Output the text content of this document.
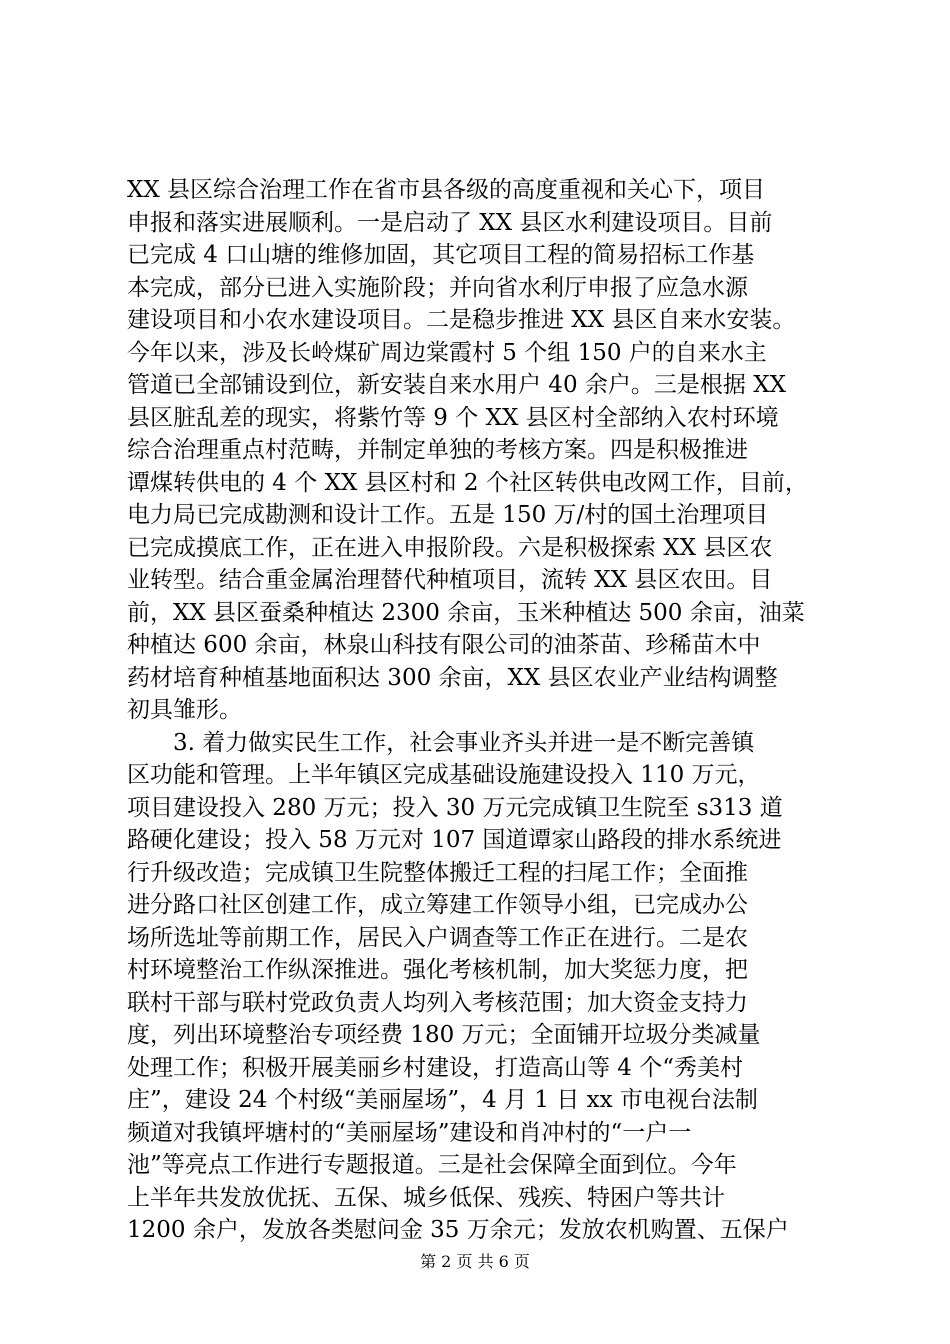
XX 县区综合治理工作在省市县各级的高度重视和关心下，项目
申报和落实进展顺利。一是启动了 XX 县区水利建设项目。目前
已完成 4 口山塘的维修加固，其它项目工程的简易招标工作基
本完成，部分已进入实施阶段；并向省水利厅申报了应急水源
建设项目和小农水建设项目。二是稳步推进 XX 县区自来水安装。
今年以来，涉及长岭煤矿周边棠霞村 5 个组 150 户的自来水主
管道已全部铺设到位，新安装自来水用户 40 余户。三是根据 XX
县区脏乱差的现实，将紫竹等 9 个 XX 县区村全部纳入农村环境
综合治理重点村范畴，并制定单独的考核方案。四是积极推进
谭煤转供电的 4 个 XX 县区村和 2 个社区转供电改网工作，目前，
电力局已完成勘测和设计工作。五是 150 万/村的国土治理项目
已完成摸底工作，正在进入申报阶段。六是积极探索 XX 县区农
业转型。结合重金属治理替代种植项目，流转 XX 县区农田。目
前，XX 县区蚕桑种植达 2300 余亩，玉米种植达 500 余亩，油菜
种植达 600 余亩，林泉山科技有限公司的油茶苗、珍稀苗木中
药材培育种植基地面积达 300 余亩，XX 县区农业产业结构调整
初具雏形。
　　3. 着力做实民生工作，社会事业齐头并进一是不断完善镇
区功能和管理。上半年镇区完成基础设施建设投入 110 万元，
项目建设投入 280 万元；投入 30 万元完成镇卫生院至 s313 道
路硬化建设；投入 58 万元对 107 国道谭家山路段的排水系统进
行升级改造；完成镇卫生院整体搬迁工程的扫尾工作；全面推
进分路口社区创建工作，成立筹建工作领导小组，已完成办公
场所选址等前期工作，居民入户调查等工作正在进行。二是农
村环境整治工作纵深推进。强化考核机制，加大奖惩力度，把
联村干部与联村党政负责人均列入考核范围；加大资金支持力
度，列出环境整治专项经费 180 万元；全面铺开垃圾分类减量
处理工作；积极开展美丽乡村建设，打造高山等 4 个“秀美村
庄”，建设 24 个村级“美丽屋场”，4 月 1 日 xx 市电视台法制
频道对我镇坪塘村的“美丽屋场”建设和肖冲村的“一户一
池”等亮点工作进行专题报道。三是社会保障全面到位。今年
上半年共发放优抚、五保、城乡低保、残疾、特困户等共计
1200 余户，发放各类慰问金 35 万余元；发放农机购置、五保户
第 2 页 共 6 页
